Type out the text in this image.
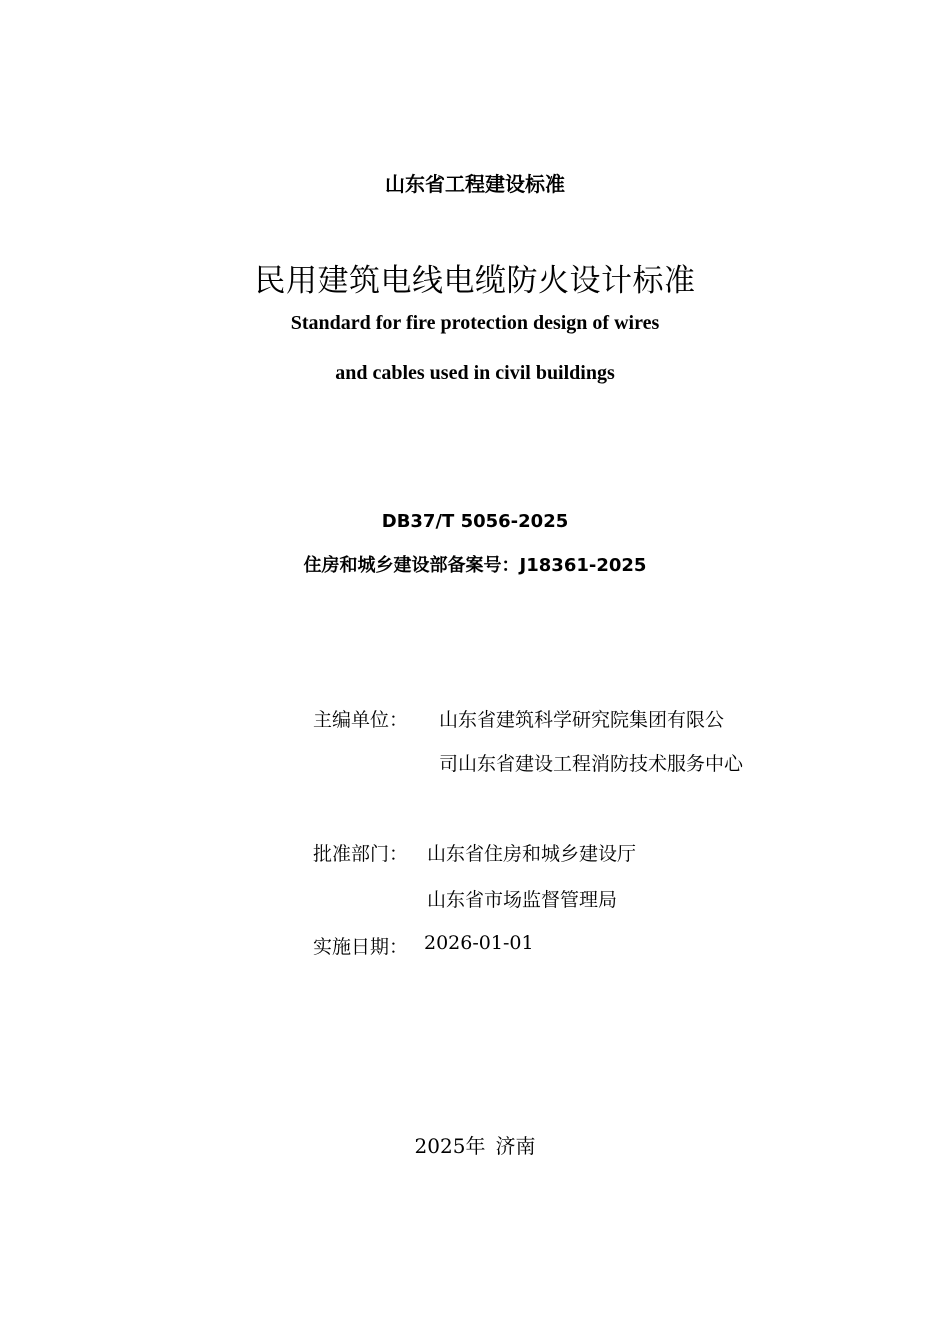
山东省工程建设标准
民用建筑电线电缆防火设计标准
Standard for fire protection design of wires
and cables used in civil buildings
DB37/T 5056-2025
住房和城乡建设部备案号：J18361-2025
主编单位： 山东省建筑科学研究院集团有限公
司山东省建设工程消防技术服务中心
批准部门： 山东省住房和城乡建设厅
山东省市场监督管理局
实施日期： 2026-01-01
2025年 济南
